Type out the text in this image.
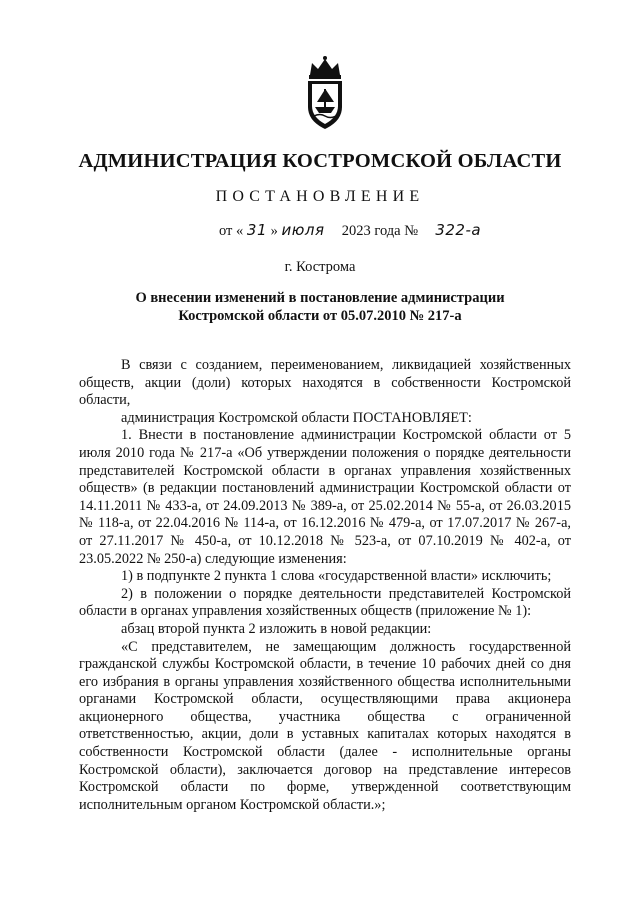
АДМИНИСТРАЦИЯ КОСТРОМСКОЙ ОБЛАСТИ
ПОСТАНОВЛЕНИЕ
от « 31 » июля 2023 года № 322-а
г. Кострома
О внесении изменений в постановление администрации
Костромской области от 05.07.2010 № 217-а

В связи с созданием, переименованием, ликвидацией хозяйственных обществ, акции (доли) которых находятся в собственности Костромской области,

администрация Костромской области ПОСТАНОВЛЯЕТ:

1. Внести в постановление администрации Костромской области от 5 июля 2010 года № 217-а «Об утверждении положения о порядке деятельности представителей Костромской области в органах управления хозяйственных обществ» (в редакции постановлений администрации Костромской области от 14.11.2011 № 433-а, от 24.09.2013 № 389-а, от 25.02.2014 № 55-а, от 26.03.2015 № 118-а, от 22.04.2016 № 114-а, от 16.12.2016 № 479-а, от 17.07.2017 № 267-а, от 27.11.2017 № 450-а, от 10.12.2018 № 523-а, от 07.10.2019 № 402-а, от 23.05.2022 № 250-а) следующие изменения:

1) в подпункте 2 пункта 1 слова «государственной власти» исключить;

2) в положении о порядке деятельности представителей Костромской области в органах управления хозяйственных обществ (приложение № 1):

абзац второй пункта 2 изложить в новой редакции:

«С представителем, не замещающим должность государственной гражданской службы Костромской области, в течение 10 рабочих дней со дня его избрания в органы управления хозяйственного общества исполнительными органами Костромской области, осуществляющими права акционера акционерного общества, участника общества с ограниченной ответственностью, акции, доли в уставных капиталах которых находятся в собственности Костромской области (далее - исполнительные органы Костромской области), заключается договор на представление интересов Костромской области по форме, утвержденной соответствующим исполнительным органом Костромской области.»;
